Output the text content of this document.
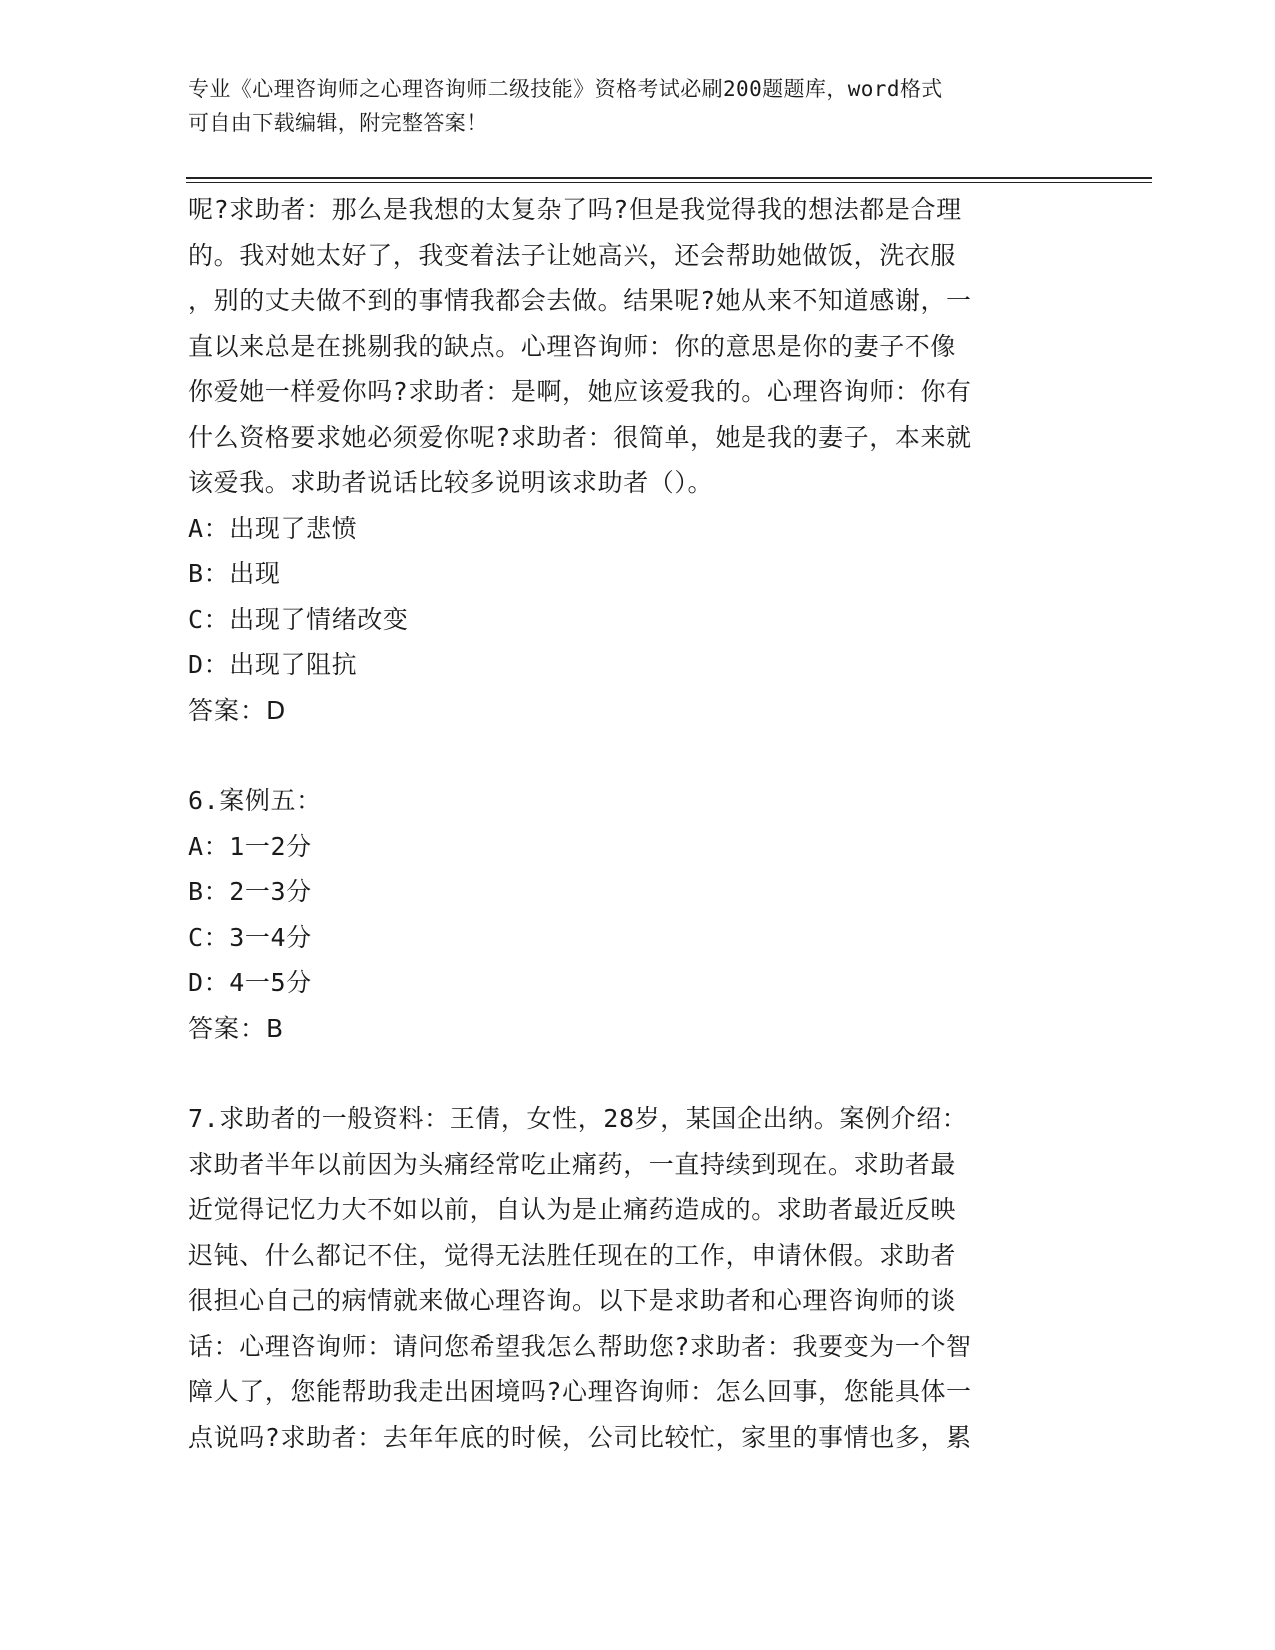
专业《心理咨询师之心理咨询师二级技能》资格考试必刷200题题库，word格式
可自由下载编辑，附完整答案！

呢?求助者：那么是我想的太复杂了吗?但是我觉得我的想法都是合理

的。我对她太好了，我变着法子让她高兴，还会帮助她做饭，洗衣服

，别的丈夫做不到的事情我都会去做。结果呢?她从来不知道感谢，一

直以来总是在挑剔我的缺点。心理咨询师：你的意思是你的妻子不像

你爱她一样爱你吗?求助者：是啊，她应该爱我的。心理咨询师：你有

什么资格要求她必须爱你呢?求助者：很简单，她是我的妻子，本来就

该爱我。求助者说话比较多说明该求助者（）。

A：出现了悲愤

B：出现

C：出现了情绪改变

D：出现了阻抗

答案：D

6.案例五：

A：1一2分

B：2一3分

C：3一4分

D：4一5分

答案：B

7.求助者的一般资料：王倩，女性，28岁，某国企出纳。案例介绍：

求助者半年以前因为头痛经常吃止痛药，一直持续到现在。求助者最

近觉得记忆力大不如以前，自认为是止痛药造成的。求助者最近反映

迟钝、什么都记不住，觉得无法胜任现在的工作，申请休假。求助者

很担心自己的病情就来做心理咨询。以下是求助者和心理咨询师的谈

话：心理咨询师：请问您希望我怎么帮助您?求助者：我要变为一个智

障人了，您能帮助我走出困境吗?心理咨询师：怎么回事，您能具体一

点说吗?求助者：去年年底的时候，公司比较忙，家里的事情也多，累
